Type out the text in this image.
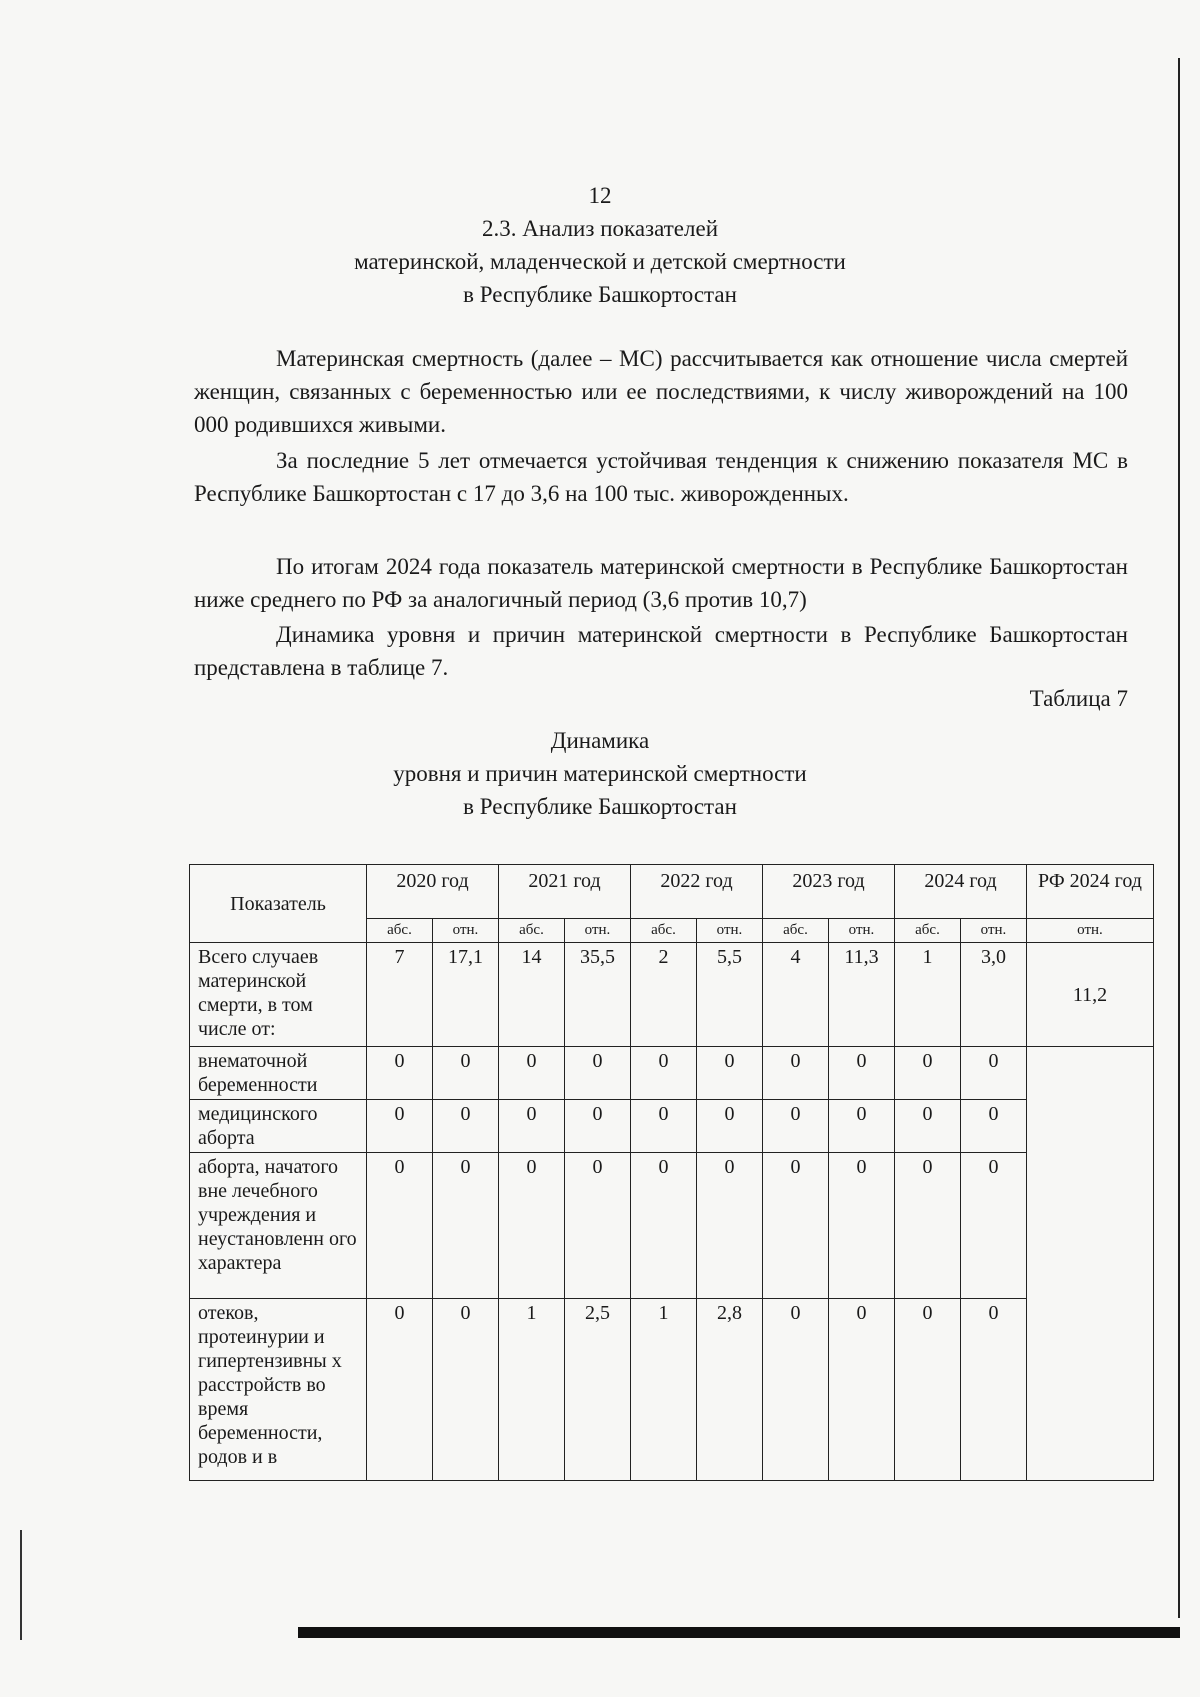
12
2.3. Анализ показателей
материнской, младенческой и детской смертности
в Республике Башкортостан
Материнская смертность (далее – МС) рассчитывается как отношение числа смертей женщин, связанных с беременностью или ее последствиями, к числу живорождений на 100 000 родившихся живыми.
За последние 5 лет отмечается устойчивая тенденция к снижению показателя МС в Республике Башкортостан с 17 до 3,6 на 100 тыс. живорожденных.
По итогам 2024 года показатель материнской смертности в Республике Башкортостан ниже среднего по РФ за аналогичный период (3,6 против 10,7)
Динамика уровня и причин материнской смертности в Республике Башкортостан представлена в таблице 7.
Таблица 7
Динамика
уровня и причин материнской смертности
в Республике Башкортостан
Показатель	2020 год		2021 год		2022 год		2023 год		2024 год		РФ 2024 год
	абс.	отн.	абс.	отн.	абс.	отн.	абс.	отн.	абс.	отн.	отн.
Всего случаев материнской смерти, в том числе от:	7	17,1	14	35,5	2	5,5	4	11,3	1	3,0	11,2
внематочной беременности	0	0	0	0	0	0	0	0	0	0	
медицинского аборта	0	0	0	0	0	0	0	0	0	0	
аборта, начатого вне лечебного учреждения и неустановленн ого характера	0	0	0	0	0	0	0	0	0	0	
отеков, протеинурии и гипертензивны х расстройств во время беременности, родов и в	0	0	1	2,5	1	2,8	0	0	0	0	
